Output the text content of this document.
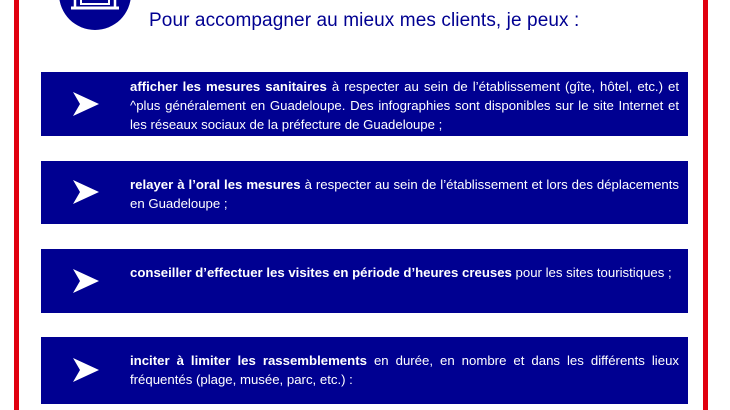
Pour accompagner au mieux mes clients, je peux :
afficher les mesures sanitaires à respecter au sein de l’établissement (gîte, hôtel, etc.) et ^plus généralement en Guadeloupe. Des infographies sont disponibles sur le site Internet et les réseaux sociaux de la préfecture de Guadeloupe ;
relayer à l’oral les mesures à respecter au sein de l’établissement et lors des déplacements en Guadeloupe ;
conseiller d’effectuer les visites en période d’heures creuses pour les sites touristiques ;
inciter à limiter les rassemblements en durée, en nombre et dans les différents lieux fréquentés (plage, musée, parc, etc.) :
